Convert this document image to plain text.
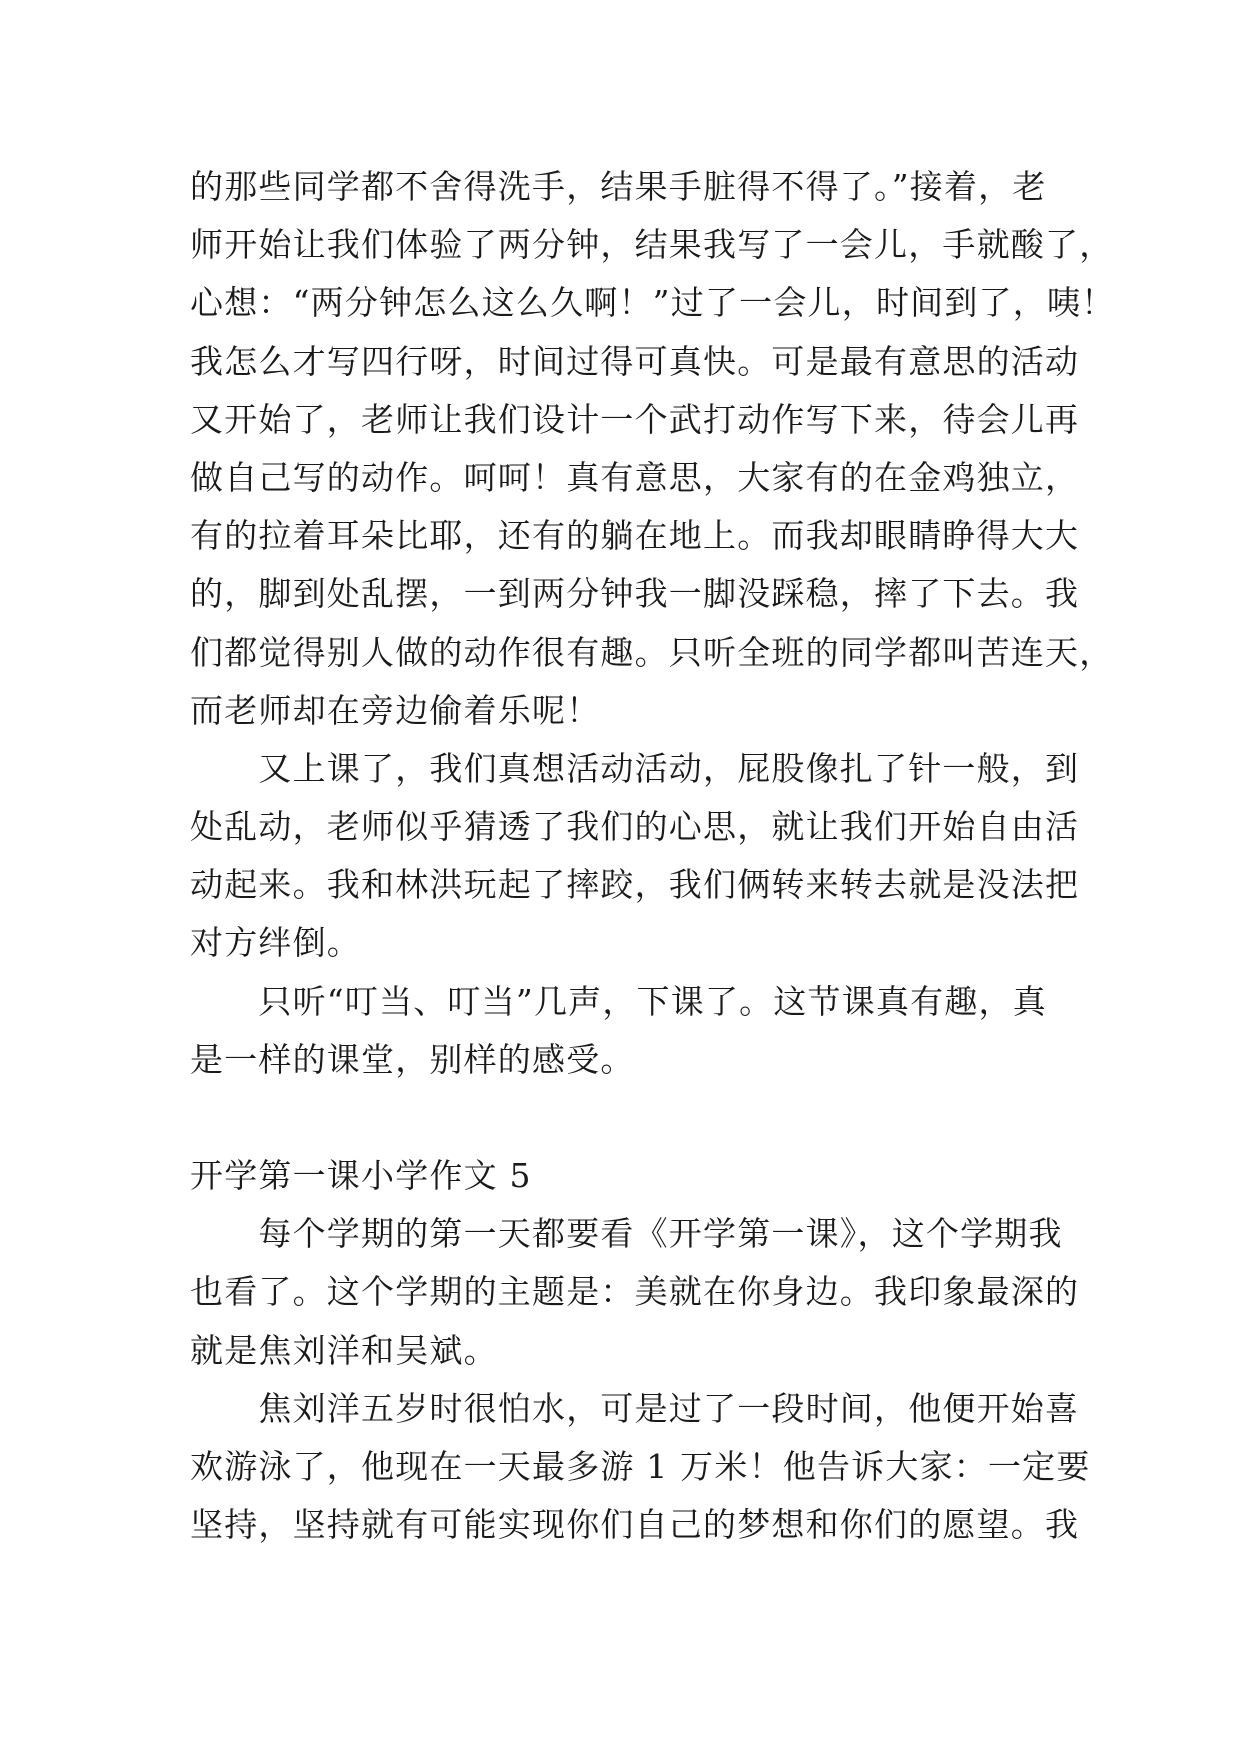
的那些同学都不舍得洗手，结果手脏得不得了。”接着，老
师开始让我们体验了两分钟，结果我写了一会儿，手就酸了，
心想：“两分钟怎么这么久啊！”过了一会儿，时间到了，咦！
我怎么才写四行呀，时间过得可真快。可是最有意思的活动
又开始了，老师让我们设计一个武打动作写下来，待会儿再
做自己写的动作。呵呵！真有意思，大家有的在金鸡独立，
有的拉着耳朵比耶，还有的躺在地上。而我却眼睛睁得大大
的，脚到处乱摆，一到两分钟我一脚没踩稳，摔了下去。我
们都觉得别人做的动作很有趣。只听全班的同学都叫苦连天，
而老师却在旁边偷着乐呢！
　　又上课了，我们真想活动活动，屁股像扎了针一般，到
处乱动，老师似乎猜透了我们的心思，就让我们开始自由活
动起来。我和林洪玩起了摔跤，我们俩转来转去就是没法把
对方绊倒。
　　只听“叮当、叮当”几声，下课了。这节课真有趣，真
是一样的课堂，别样的感受。
开学第一课小学作文 5
　　每个学期的第一天都要看《开学第一课》，这个学期我
也看了。这个学期的主题是：美就在你身边。我印象最深的
就是焦刘洋和吴斌。
　　焦刘洋五岁时很怕水，可是过了一段时间，他便开始喜
欢游泳了，他现在一天最多游 1 万米！他告诉大家：一定要
坚持，坚持就有可能实现你们自己的梦想和你们的愿望。我
